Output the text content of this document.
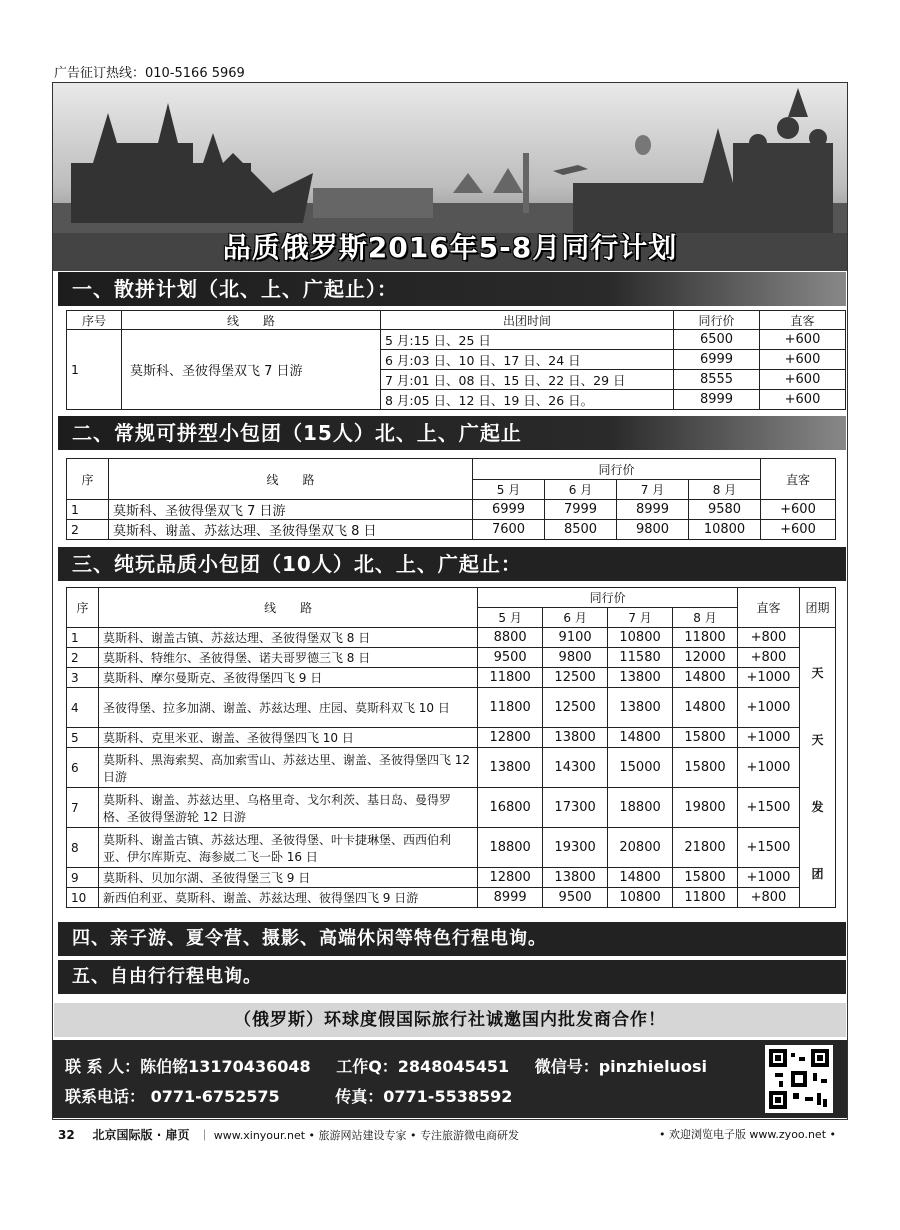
广告征订热线：010-5166 5969
品质俄罗斯2016年5-8月同行计划
一、散拼计划（北、上、广起止）：
序号	线　　路	出团时间	同行价	直客
1	莫斯科、圣彼得堡双飞 7 日游	5 月:15 日、25 日	6500	+600
		6 月:03 日、10 日、17 日、24 日	6999	+600
		7 月:01 日、08 日、15 日、22 日、29 日	8555	+600
		8 月:05 日、12 日、19 日、26 日。	8999	+600
二、常规可拼型小包团（15人）北、上、广起止
序	线　　路	同行价				直客
		5 月	6 月	7 月	8 月	
1	莫斯科、圣彼得堡双飞 7 日游	6999	7999	8999	9580	+600
2	莫斯科、谢盖、苏兹达理、圣彼得堡双飞 8 日	7600	8500	9800	10800	+600
三、纯玩品质小包团（10人）北、上、广起止：
序	线　　路	同行价				直客	团期
		5 月	6 月	7 月	8 月		
1	莫斯科、谢盖古镇、苏兹达理、圣彼得堡双飞 8 日	8800	9100	10800	11800	+800	天
天
发
团

2	莫斯科、特维尔、圣彼得堡、诺夫哥罗德三飞 8 日	9500	9800	11580	12000	+800	
3	莫斯科、摩尔曼斯克、圣彼得堡四飞 9 日	11800	12500	13800	14800	+1000	
4	圣彼得堡、拉多加湖、谢盖、苏兹达理、庄园、莫斯科双飞 10 日	11800	12500	13800	14800	+1000	
5	莫斯科、克里米亚、谢盖、圣彼得堡四飞 10 日	12800	13800	14800	15800	+1000	
6	莫斯科、黑海索契、高加索雪山、苏兹达里、谢盖、圣彼得堡四飞 12 日游	13800	14300	15000	15800	+1000	
7	莫斯科、谢盖、苏兹达里、乌格里奇、戈尔利茨、基日岛、曼得罗格、圣彼得堡游轮 12 日游	16800	17300	18800	19800	+1500	
8	莫斯科、谢盖古镇、苏兹达理、圣彼得堡、叶卡捷琳堡、西西伯利亚、伊尔库斯克、海参崴二飞一卧 16 日	18800	19300	20800	21800	+1500	
9	莫斯科、贝加尔湖、圣彼得堡三飞 9 日	12800	13800	14800	15800	+1000	
10	新西伯利亚、莫斯科、谢盖、苏兹达理、彼得堡四飞 9 日游	8999	9500	10800	11800	+800	
四、亲子游、夏令营、摄影、高端休闲等特色行程电询。
五、自由行行程电询。
（俄罗斯）环球度假国际旅行社诚邀国内批发商合作！
联 系 人：陈伯铭13170436048 工作Q：2848045451 微信号：pinzhieluosi
联系电话： 0771-6752575	传真：0771-5538592
32 北京国际版 · 扉页 ｜ www.xinyour.net • 旅游网站建设专家 • 专注旅游微电商研发	• 欢迎浏览电子版 www.zyoo.net •
